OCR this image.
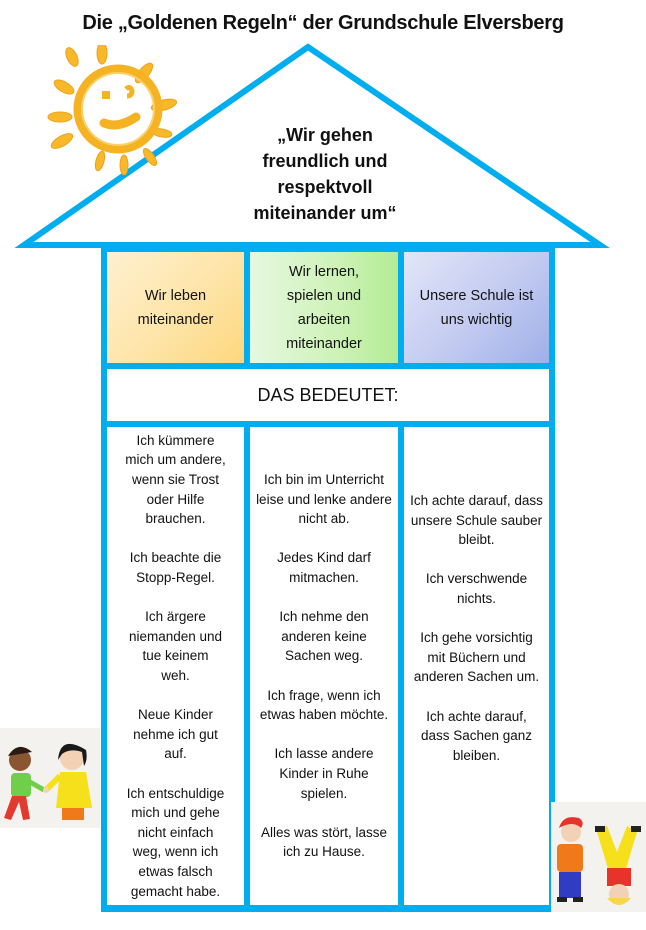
Die „Goldenen Regeln“ der Grundschule Elversberg
„Wir gehen
freundlich und
respektvoll
miteinander um“
Wir leben miteinander
Wir lernen, spielen und arbeiten miteinander
Unsere Schule ist uns wichtig
DAS BEDEUTET:

Ich kümmere mich um andere, wenn sie Trost oder Hilfe brauchen.

Ich beachte die Stopp-Regel.

Ich ärgere niemanden und tue keinem weh.

Neue Kinder nehme ich gut auf.

Ich entschuldige mich und gehe nicht einfach weg, wenn ich etwas falsch gemacht habe.

Ich bin im Unterricht leise und lenke andere nicht ab.

Jedes Kind darf mitmachen.

Ich nehme den anderen keine Sachen weg.

Ich frage, wenn ich etwas haben möchte.

Ich lasse andere Kinder in Ruhe spielen.

Alles was stört, lasse ich zu Hause.

Ich achte darauf, dass unsere Schule sauber bleibt.

Ich verschwende nichts.

Ich gehe vorsichtig mit Büchern und anderen Sachen um.

Ich achte darauf, dass Sachen ganz bleiben.
